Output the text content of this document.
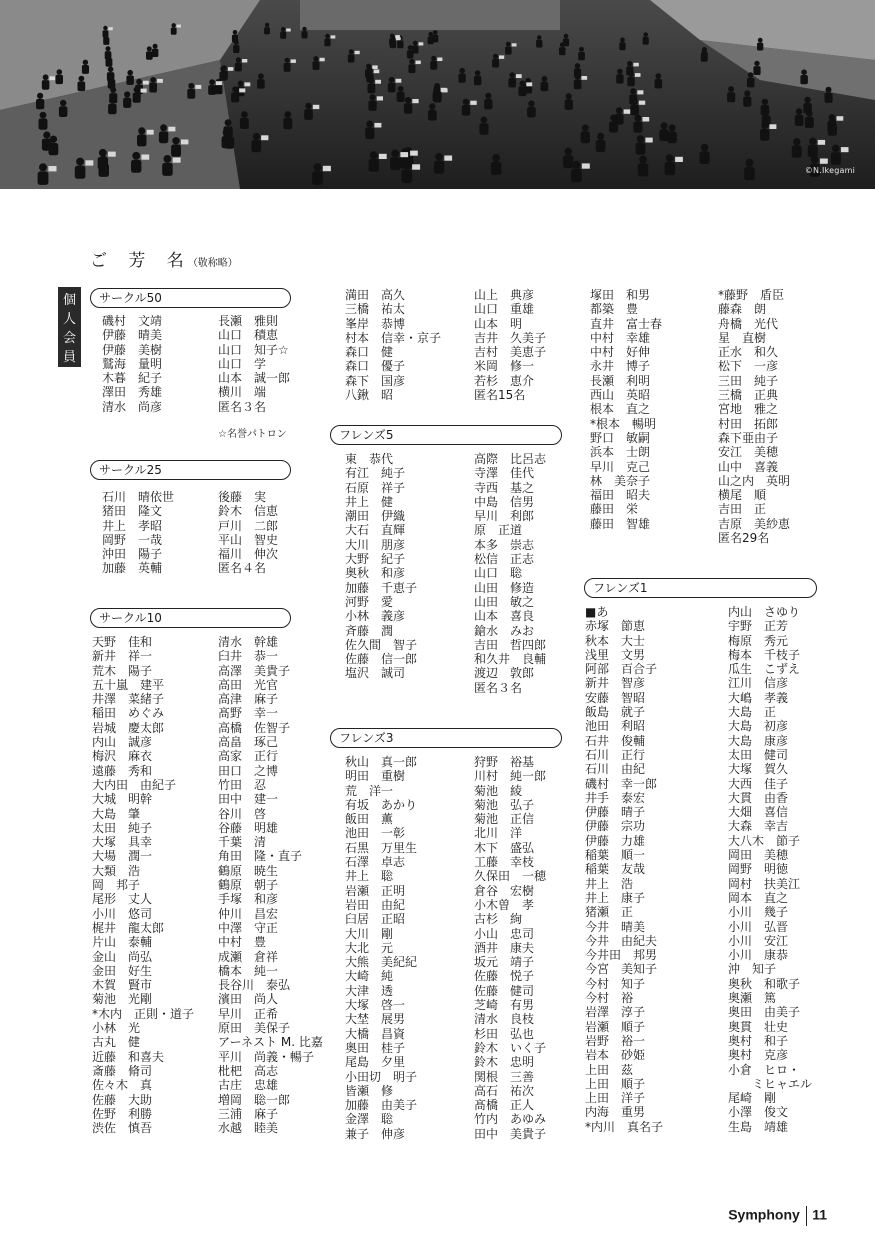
©N.Ikegami
ご 芳 名（敬称略）
個
人
会
員
サークル50
磯村　文靖
伊藤　晴美
伊藤　美樹
鷲海　量明
木暮　紀子
澤田　秀雄
清水　尚彦
長瀬　雅則
山口　積恵
山口　知子☆
山口　学
山本　誠一郎
横川　端
匿名３名
☆名誉パトロン
サークル25
石川　晴依世
猪田　隆文
井上　孝昭
岡野　一哉
沖田　陽子
加藤　英輔
後藤　実
鈴木　信恵
戸川　二郎
平山　智史
福川　伸次
匿名４名
サークル10
天野　佳和
新井　祥一
荒木　陽子
五十嵐　建平
井澤　菜緒子
稲田　めぐみ
岩城　慶太郎
内山　誠彦
梅沢　麻衣
遠藤　秀和
大内田　由紀子
大城　明幹
大島　肇
太田　純子
大塚　具幸
大場　潤一
大類　浩
岡　邦子
尾形　丈人
小川　悠司
梶井　龍太郎
片山　泰輔
金山　尚弘
金田　好生
木賀　賢市
菊池　光剛
*木内　正則・道子
小林　光
古丸　健
近藤　和喜夫
斎藤　脩司
佐々木　真
佐藤　大助
佐野　利勝
渋佐　慎吾
清水　幹雄
臼井　恭一
高澤　美貴子
高田　光官
高津　麻子
髙野　幸一
高橋　佐智子
高畠　琢己
高家　正行
田口　之博
竹田　忍
田中　建一
谷川　啓
谷藤　明雄
千葉　清
角田　隆・直子
鶴原　暁生
鶴原　朝子
手塚　和彦
仲川　昌宏
中澤　守正
中村　豊
成瀬　倉祥
橋本　純一
長谷川　泰弘
濱田　尚人
早川　正希
原田　美保子
アーネスト M. 比嘉
平川　尚義・暢子
枇杷　高志
古庄　忠雄
増岡　聡一郎
三浦　麻子
水越　睦美
満田　高久
三橋　祐太
峯岸　恭博
村本　信幸・京子
森口　健
森口　優子
森下　国彦
八鍬　昭
山上　典彦
山口　重雄
山本　明
吉井　久美子
吉村　美恵子
米岡　修一
若杉　恵介
匿名15名
フレンズ5
東　恭代
有江　純子
石原　祥子
井上　健
潮田　伊織
大石　直輝
大川　朋彦
大野　紀子
奥秋　和彦
加藤　千恵子
河野　愛
小林　義彦
斉藤　潤
佐久間　智子
佐藤　信一郎
塩沢　誠司
高際　比呂志
寺澤　佳代
寺西　基之
中島　信男
早川　利郎
原　正道
本多　崇志
松信　正志
山口　聡
山田　修造
山田　敏之
山本　喜良
鎗水　みお
吉田　哲四郎
和久井　良輔
渡辺　敦郎
匿名３名
フレンズ3
秋山　真一郎
明田　重樹
荒　洋一
有坂　あかり
飯田　薫
池田　一彰
石黒　万里生
石澤　卓志
井上　聡
岩瀬　正明
岩田　由紀
臼居　正昭
大川　剛
大北　元
大熊　美紀紀
大崎　純
大津　透
大塚　啓一
大埜　展男
大橋　昌資
奥田　桂子
尾島　夕里
小田切　明子
皆瀬　修
加藤　由美子
金澤　聡
兼子　伸彦
狩野　裕基
川村　純一郎
菊池　綾
菊池　弘子
菊池　正信
北川　洋
木下　盛弘
工藤　幸枝
久保田　一穂
倉谷　宏樹
小木曽　孝
古杉　絢
小山　忠司
酒井　康夫
坂元　靖子
佐藤　悦子
佐藤　健司
芝崎　有男
清水　良枝
杉田　弘也
鈴木　いく子
鈴木　忠明
関根　三善
高石　祐次
髙橋　正人
竹内　あゆみ
田中　美貴子
塚田　和男
都築　豊
直井　富士春
中村　幸雄
中村　好伸
永井　博子
長瀬　利明
西山　英昭
根本　直之
*根本　暢明
野口　敏嗣
浜本　士朗
早川　克己
林　美奈子
福田　昭夫
藤田　栄
藤田　智雄
*藤野　盾臣
藤森　朗
舟橋　光代
星　直樹
正水　和久
松下　一彦
三田　純子
三橋　正典
宮地　雅之
村田　拓郎
森下亜由子
安江　美穂
山中　喜義
山之内　英明
横尾　順
吉田　正
吉原　美紗恵
匿名29名
フレンズ1
■あ
赤塚　節恵
秋本　大士
浅里　文男
阿部　百合子
新井　智彦
安藤　智昭
飯島　就子
池田　利昭
石井　俊輔
石川　正行
石川　由紀
磯村　幸一郎
井手　泰宏
伊藤　晴子
伊藤　宗功
伊藤　力雄
稲葉　順一
稲葉　友哉
井上　浩
井上　康子
猪瀬　正
今井　晴美
今井　由紀夫
今井田　邦男
今宮　美知子
今村　知子
今村　裕
岩澤　淳子
岩瀬　順子
岩野　裕一
岩本　砂姫
上田　茲
上田　順子
上田　洋子
内海　重男
*内川　真名子
内山　さゆり
宇野　正芳
梅原　秀元
梅本　千枝子
瓜生　こずえ
江川　信彦
大嶋　孝義
大島　正
大島　初彦
大島　康彦
太田　健司
大塚　賀久
大西　佳子
大貫　由香
大畑　喜信
大森　幸吉
大八木　節子
岡田　美穂
岡野　明徳
岡村　扶美江
岡本　直之
小川　幾子
小川　弘晋
小川　安江
小川　康恭
沖　知子
奥秋　和歌子
奥瀬　篤
奥田　由美子
奥貫　壮史
奥村　和子
奥村　克彦
小倉　ヒロ・
　　ミヒャエル
尾崎　剛
小澤　俊文
生島　靖雄
Symphony 11
